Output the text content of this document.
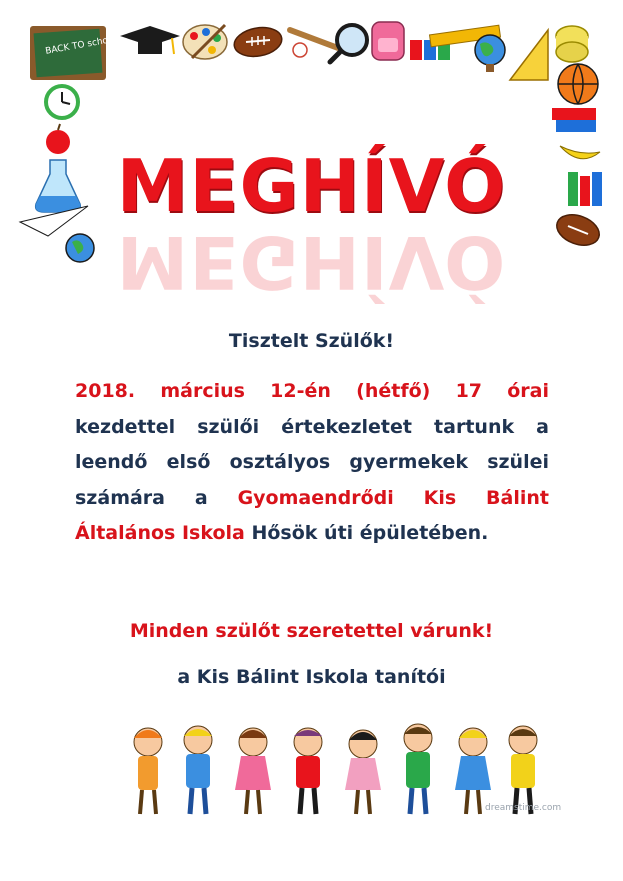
BACK TO school
MEGHÍVÓ
MEGHÍVÓ
Tisztelt Szülők!
2018. március 12-én (hétfő) 17 órai kezdettel szülői értekezletet tartunk a leendő első osztályos gyermekek szülei számára a Gyomaendrődi Kis Bálint Általános Iskola Hősök úti épületében.
Minden szülőt szeretettel várunk!
a Kis Bálint Iskola tanítói
dreamstime.com
